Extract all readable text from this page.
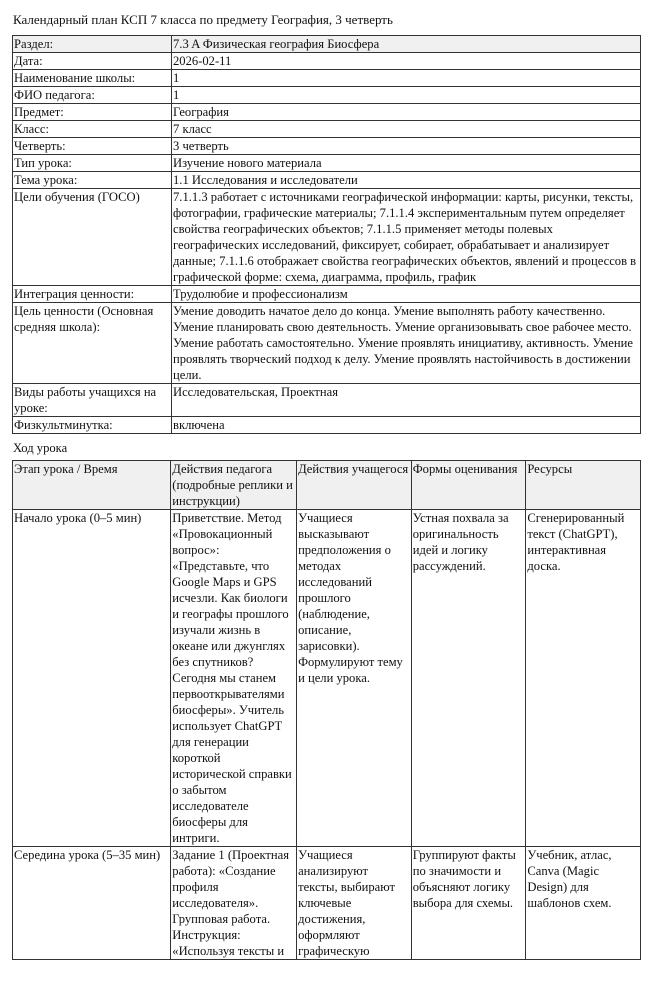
Календарный план КСП 7 класса по предмету География, 3 четверть
Раздел:	7.3 A Физическая география Биосфера
Дата:	2026-02-11
Наименование школы:	1
ФИО педагога:	1
Предмет:	География
Класс:	7 класс
Четверть:	3 четверть
Тип урока:	Изучение нового материала
Тема урока:	1.1 Исследования и исследователи
Цели обучения (ГОСО)	7.1.1.3 работает с источниками географической информации: карты, рисунки, тексты, фотографии, графические материалы; 7.1.1.4 экспериментальным путем определяет свойства географических объектов; 7.1.1.5 применяет методы полевых географических исследований, фиксирует, собирает, обрабатывает и анализирует данные; 7.1.1.6 отображает свойства географических объектов, явлений и процессов в графической форме: схема, диаграмма, профиль, график
Интеграция ценности:	Трудолюбие и профессионализм
Цель ценности (Основная средняя школа):	Умение доводить начатое дело до конца. Умение выполнять работу качественно. Умение планировать свою деятельность. Умение организовывать свое рабочее место. Умение работать самостоятельно. Умение проявлять инициативу, активность. Умение проявлять творческий подход к делу. Умение проявлять настойчивость в достижении цели.
Виды работы учащихся на уроке:	Исследовательская, Проектная
Физкультминутка:	включена
Ход урока
Этап урока / Время	Действия педагога (подробные реплики и инструкции)	Действия учащегося	Формы оценивания	Ресурсы
Начало урока (0–5 мин)	Приветствие. Метод «Провокационный вопрос»: «Представьте, что Google Maps и GPS исчезли. Как биологи и географы прошлого изучали жизнь в океане или джунглях без спутников? Сегодня мы станем первооткрывателями биосферы». Учитель использует ChatGPT для генерации короткой исторической справки о забытом исследователе биосферы для интриги.	Учащиеся высказывают предположения о методах исследований прошлого (наблюдение, описание, зарисовки). Формулируют тему и цели урока.	Устная похвала за оригинальность идей и логику рассуждений.	Сгенерированный текст (ChatGPT), интерактивная доска.
Середина урока (5–35 мин)	Задание 1 (Проектная работа): «Создание профиля исследователя». Групповая работа. Инструкция: «Используя тексты и	Учащиеся анализируют тексты, выбирают ключевые достижения, оформляют графическую	Группируют факты по значимости и объясняют логику выбора для схемы.	Учебник, атлас, Canva (Magic Design) для шаблонов схем.
